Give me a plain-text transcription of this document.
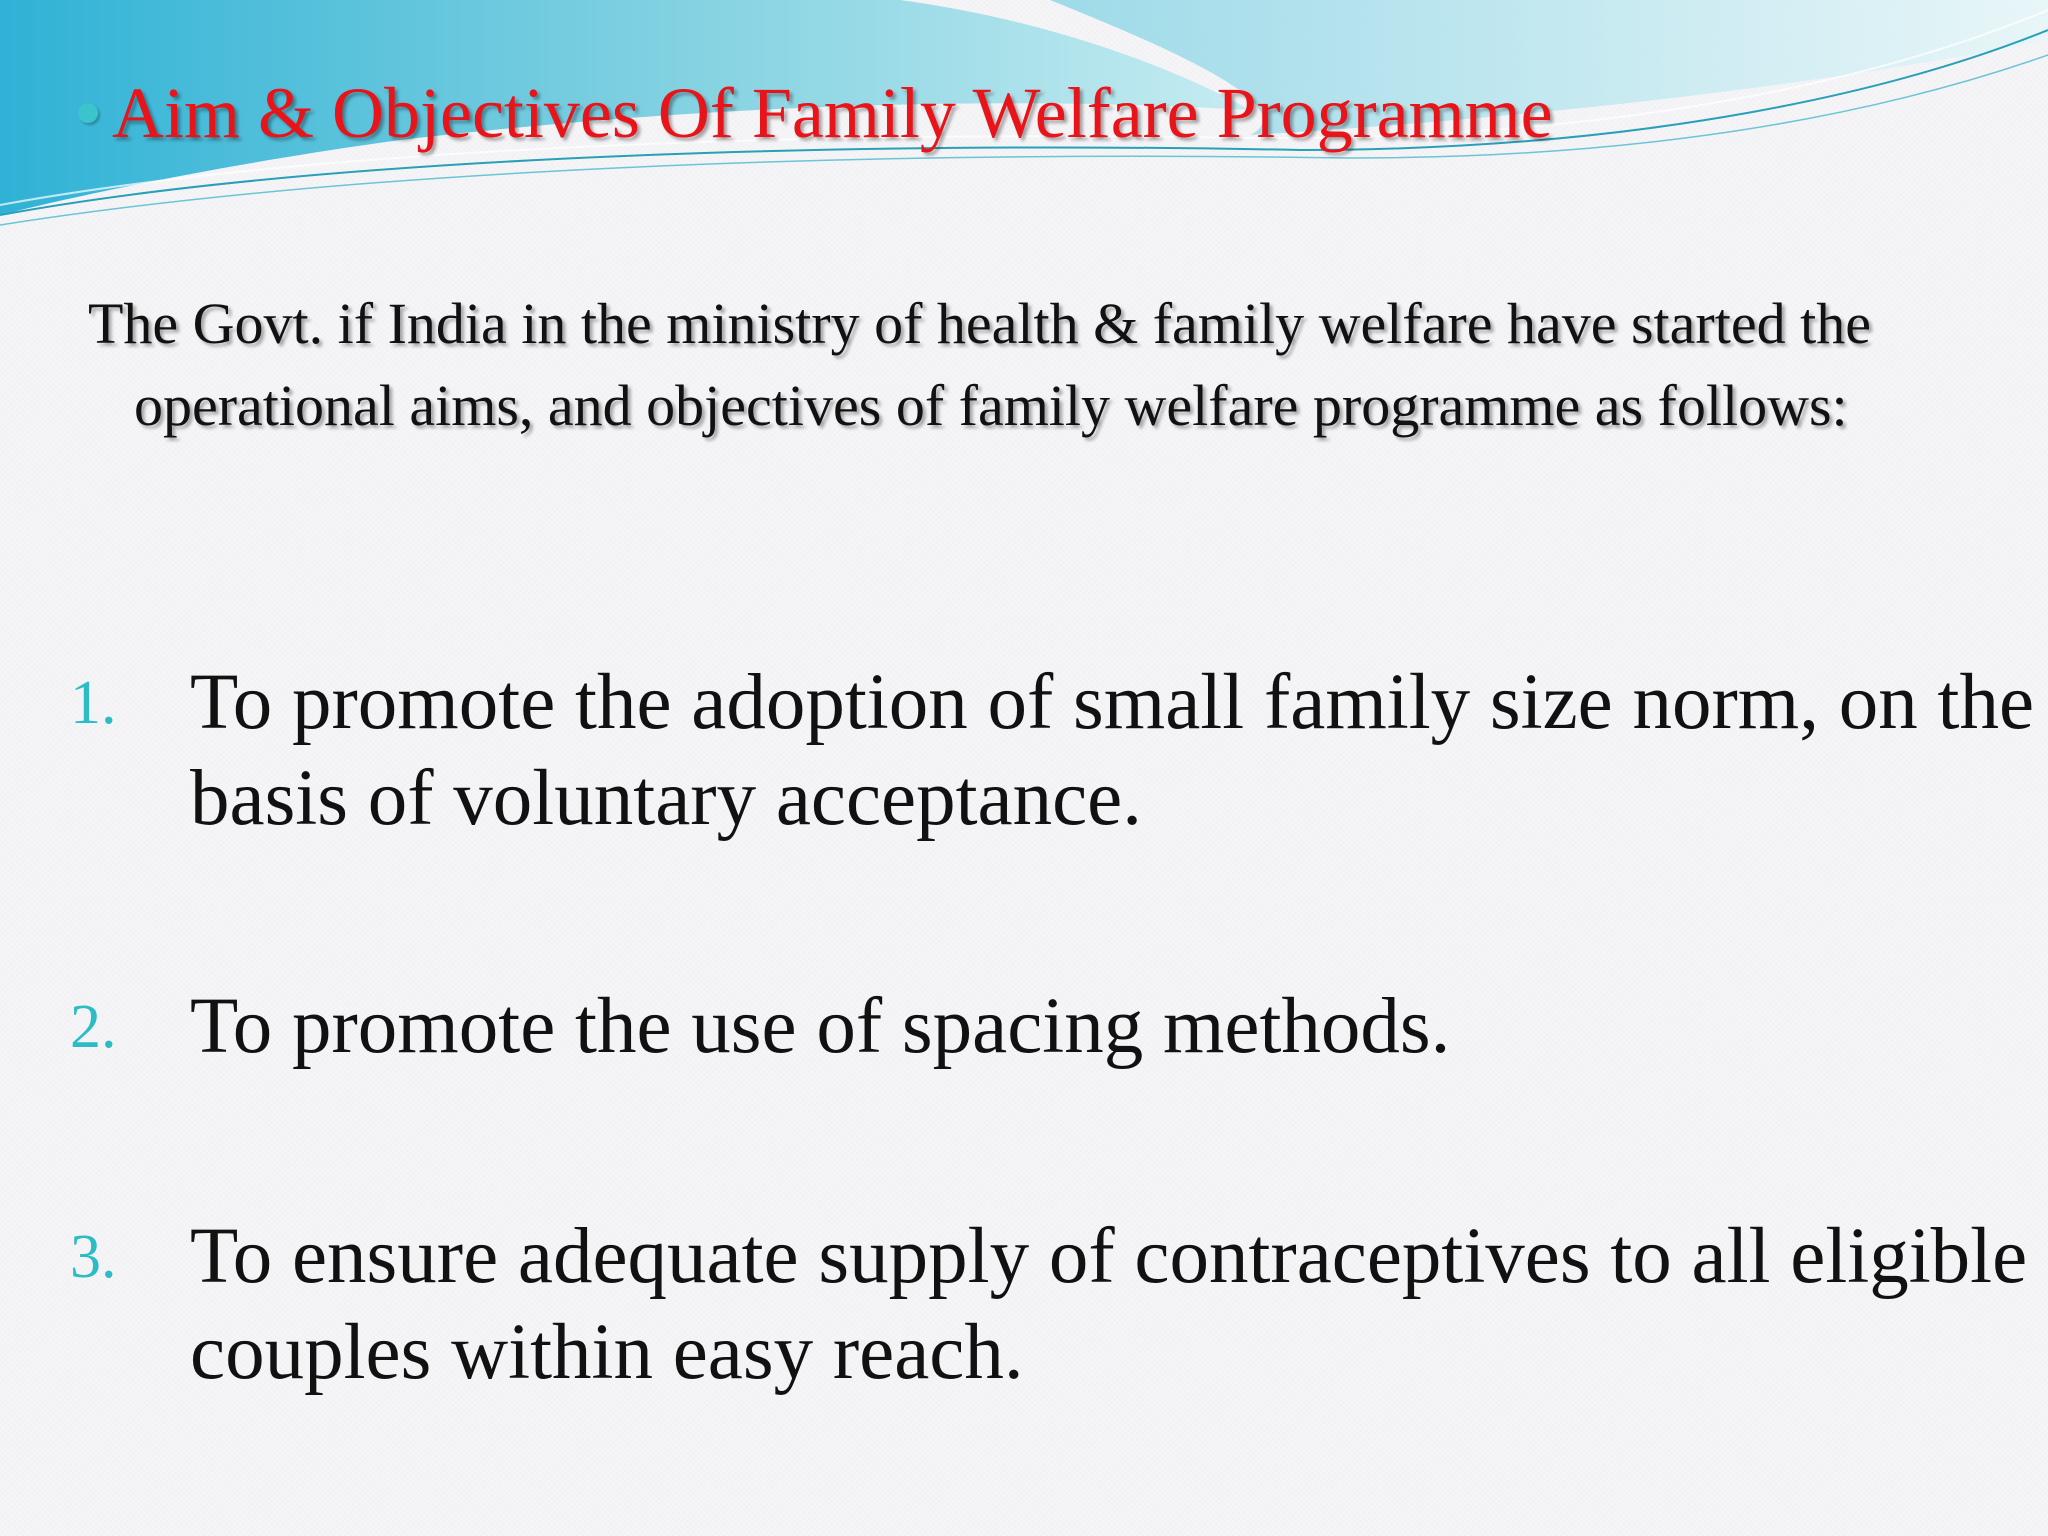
Aim & Objectives Of Family Welfare Programme

The Govt. if India in the ministry of health & family welfare have started the operational aims, and objectives of family welfare programme as follows:

1. To promote the adoption of small family size norm, on the basis of voluntary acceptance.
2. To promote the use of spacing methods.
3. To ensure adequate supply of contraceptives to all eligible couples within easy reach.
